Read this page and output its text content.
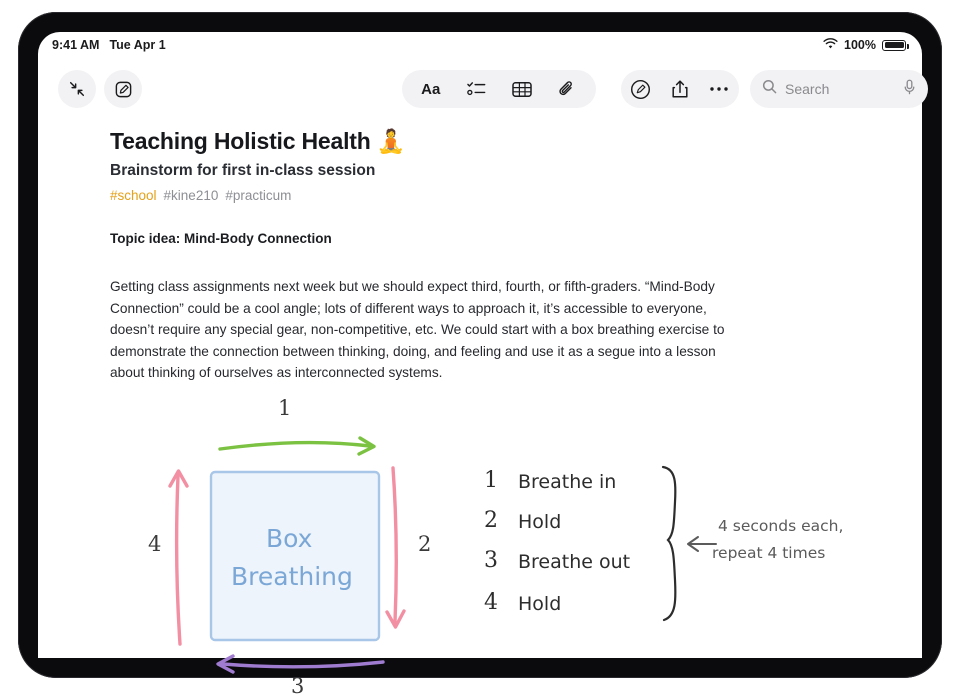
9:41 AM Tue Apr 1	100%
Aa	Search
Teaching Holistic Health 🧘
Brainstorm for first in-class session
#school #kine210 #practicum
Topic idea: Mind-Body Connection
Getting class assignments next week but we should expect third, fourth, or fifth-graders. “Mind-Body Connection” could be a cool angle; lots of different ways to approach it, it’s accessible to everyone, doesn’t require any special gear, non-competitive, etc. We could start with a box breathing exercise to demonstrate the connection between thinking, doing, and feeling and use it as a segue into a lesson about thinking of ourselves as interconnected systems.
1
2
3
4	Box
Breathing
1 Breathe in
2 Hold
3 Breathe out
4 Hold
4 seconds each,
repeat 4 times
